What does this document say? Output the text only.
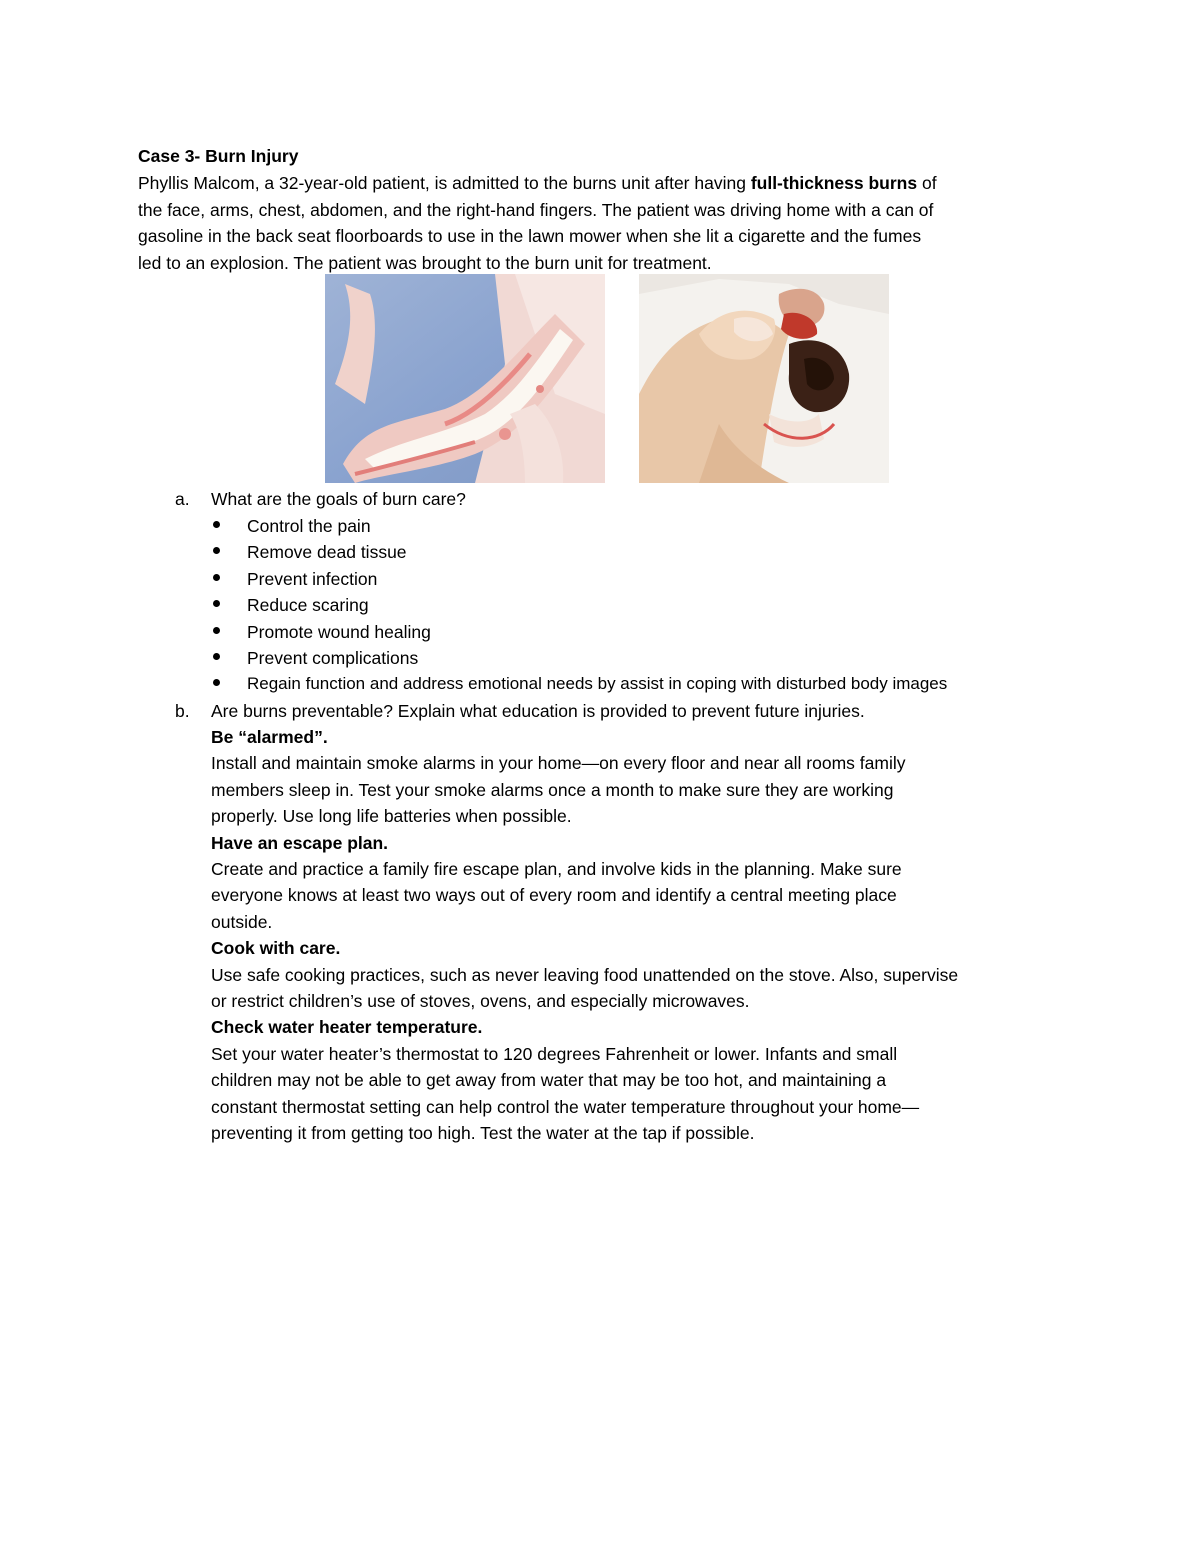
Case 3- Burn Injury
Phyllis Malcom, a 32-year-old patient, is admitted to the burns unit after having full-thickness burns of
the face, arms, chest, abdomen, and the right-hand fingers. The patient was driving home with a can of
gasoline in the back seat floorboards to use in the lawn mower when she lit a cigarette and the fumes
led to an explosion. The patient was brought to the burn unit for treatment.
a. What are the goals of burn care?
Control the pain
Remove dead tissue
Prevent infection
Reduce scaring
Promote wound healing
Prevent complications
Regain function and address emotional needs by assist in coping with disturbed body images
b. Are burns preventable? Explain what education is provided to prevent future injuries.
Be “alarmed”.
Install and maintain smoke alarms in your home—on every floor and near all rooms family
members sleep in. Test your smoke alarms once a month to make sure they are working
properly. Use long life batteries when possible.
Have an escape plan.
Create and practice a family fire escape plan, and involve kids in the planning. Make sure
everyone knows at least two ways out of every room and identify a central meeting place
outside.
Cook with care.
Use safe cooking practices, such as never leaving food unattended on the stove. Also, supervise
or restrict children’s use of stoves, ovens, and especially microwaves.
Check water heater temperature.
Set your water heater’s thermostat to 120 degrees Fahrenheit or lower. Infants and small
children may not be able to get away from water that may be too hot, and maintaining a
constant thermostat setting can help control the water temperature throughout your home—
preventing it from getting too high. Test the water at the tap if possible.
